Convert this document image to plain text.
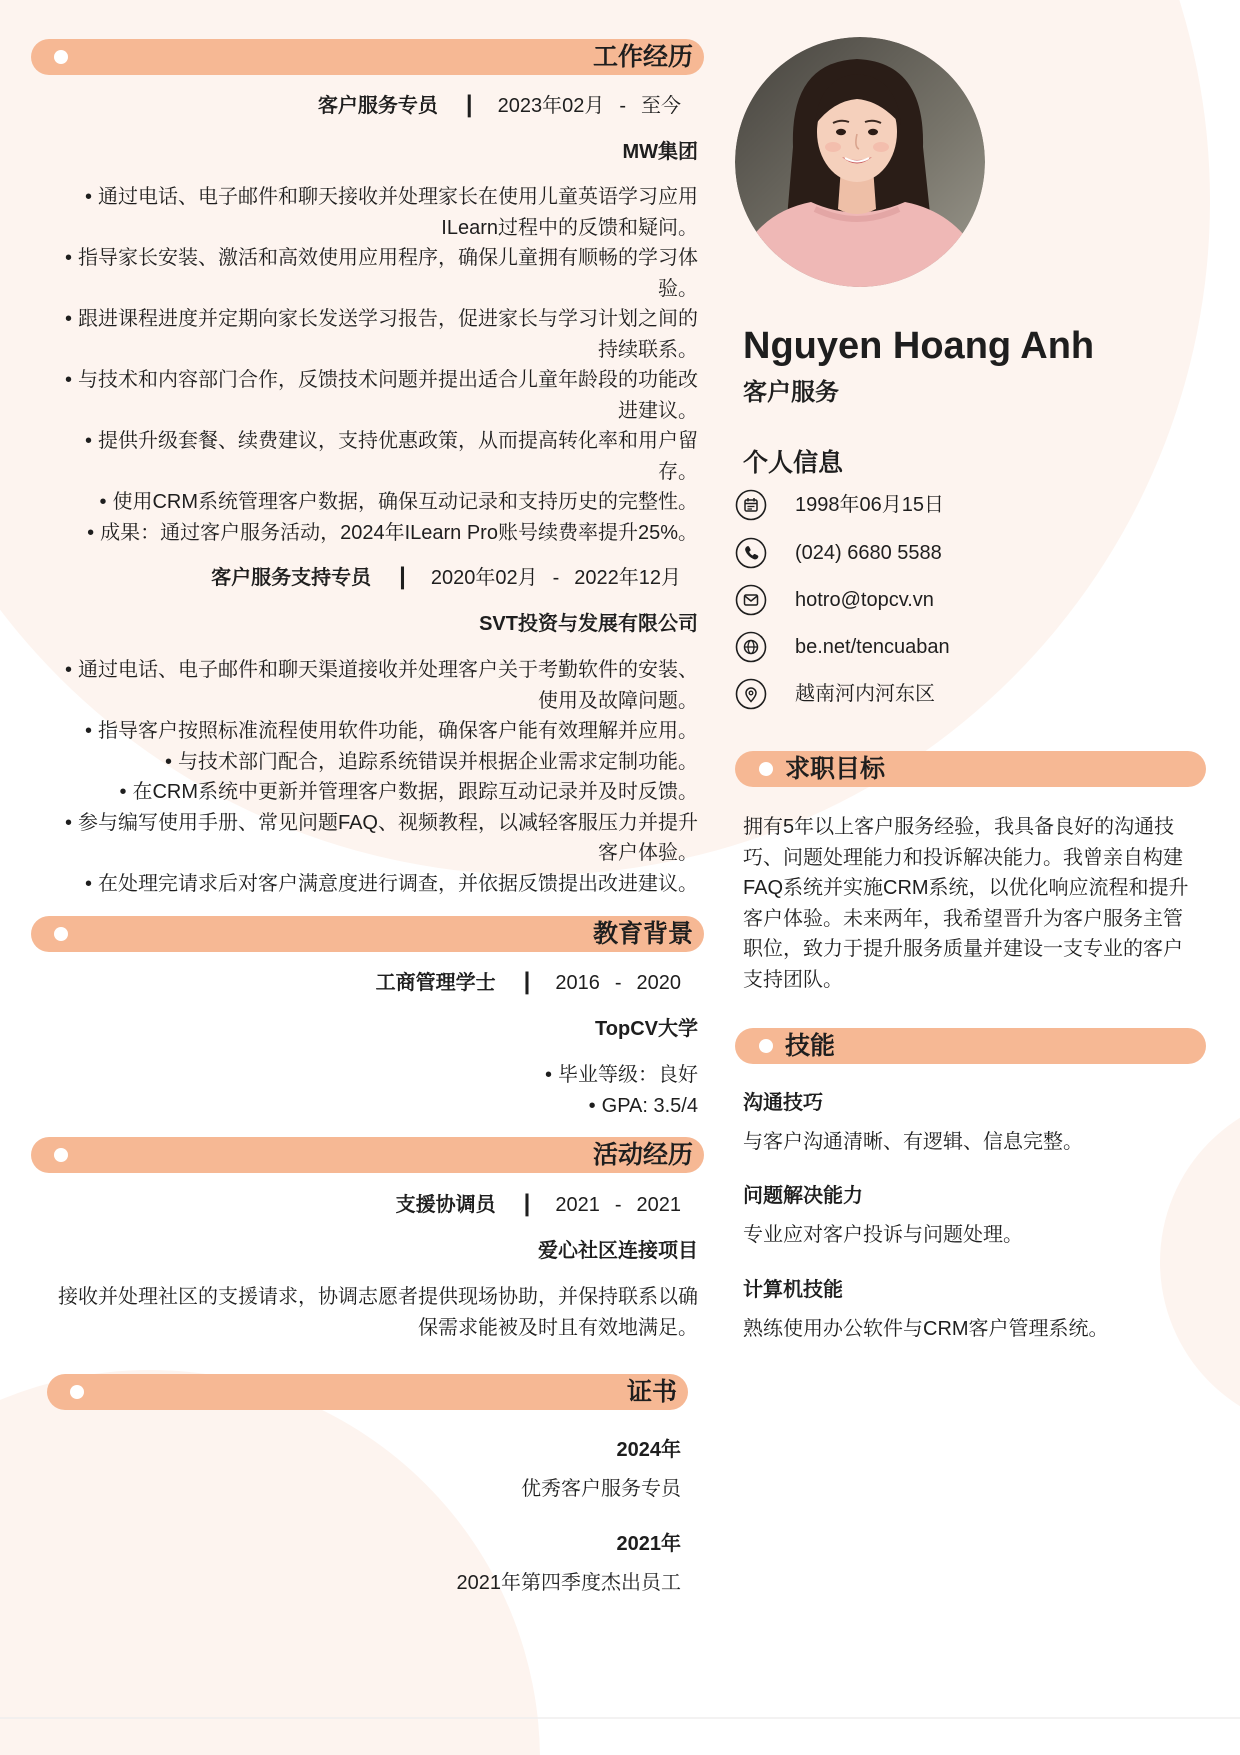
工作经历
客户服务专员 | 2023年02月 - 至今
MW集团
• 通过电话、电子邮件和聊天接收并处理家长在使用儿童英语学习应用ILearn过程中的反馈和疑问。
• 指导家长安装、激活和高效使用应用程序，确保儿童拥有顺畅的学习体验。
• 跟进课程进度并定期向家长发送学习报告，促进家长与学习计划之间的持续联系。
• 与技术和内容部门合作，反馈技术问题并提出适合儿童年龄段的功能改进建议。
• 提供升级套餐、续费建议，支持优惠政策，从而提高转化率和用户留存。
• 使用CRM系统管理客户数据，确保互动记录和支持历史的完整性。
• 成果：通过客户服务活动，2024年ILearn Pro账号续费率提升25%。
客户服务支持专员 | 2020年02月 - 2022年12月
SVT投资与发展有限公司
• 通过电话、电子邮件和聊天渠道接收并处理客户关于考勤软件的安装、使用及故障问题。
• 指导客户按照标准流程使用软件功能，确保客户能有效理解并应用。
• 与技术部门配合，追踪系统错误并根据企业需求定制功能。
• 在CRM系统中更新并管理客户数据，跟踪互动记录并及时反馈。
• 参与编写使用手册、常见问题FAQ、视频教程，以减轻客服压力并提升客户体验。
• 在处理完请求后对客户满意度进行调查，并依据反馈提出改进建议。
教育背景
工商管理学士 | 2016 - 2020
TopCV大学
• 毕业等级：良好
• GPA: 3.5/4
活动经历
支援协调员 | 2021 - 2021
爱心社区连接项目

接收并处理社区的支援请求，协调志愿者提供现场协助，并保持联系以确保需求能被及时且有效地满足。

证书
2024年
优秀客户服务专员
2021年
2021年第四季度杰出员工
Nguyen Hoang Anh
客户服务
个人信息
1998年06月15日
(024) 6680 5588
hotro@topcv.vn
be.net/tencuaban
越南河内河东区
求职目标

拥有5年以上客户服务经验，我具备良好的沟通技巧、问题处理能力和投诉解决能力。我曾亲自构建FAQ系统并实施CRM系统，以优化响应流程和提升客户体验。未来两年，我希望晋升为客户服务主管职位，致力于提升服务质量并建设一支专业的客户支持团队。

技能
沟通技巧
与客户沟通清晰、有逻辑、信息完整。
问题解决能力
专业应对客户投诉与问题处理。
计算机技能
熟练使用办公软件与CRM客户管理系统。
